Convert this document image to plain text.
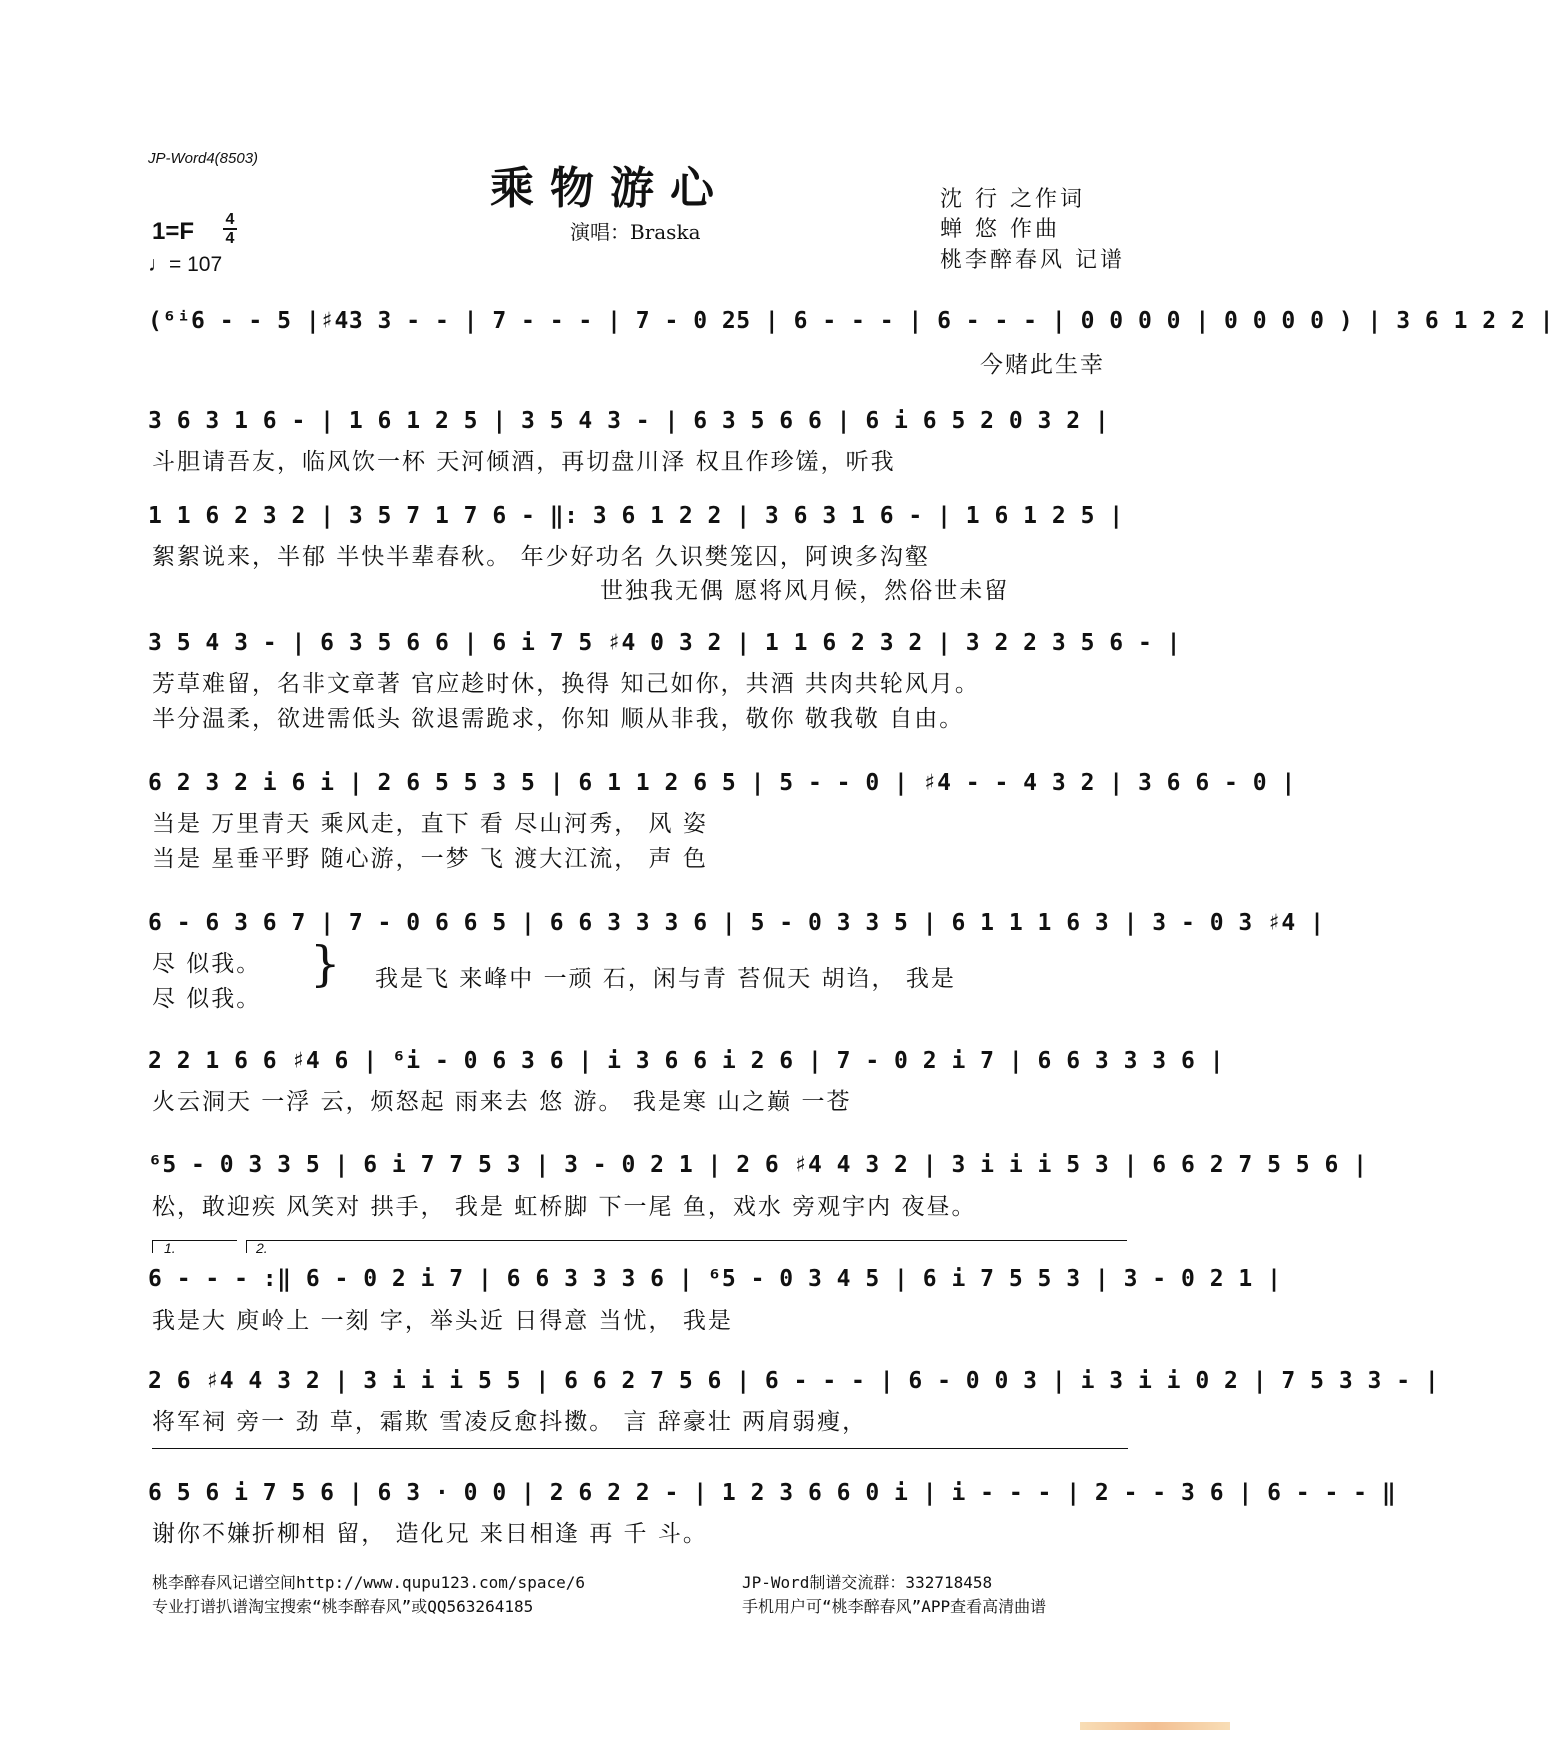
JP-Word4(8503)
乘物游心
演唱：Braska
沈 行 之作词
蝉 悠 作曲
桃李醉春风 记谱
1=F 4
4
♩= 107
(⁶ⁱ6 - - 5 |♯43 3 - - | 7 - - - | 7 - 0 25 | 6 - - - | 6 - - - | 0 0 0 0 | 0 0 0 0 ) | 3 6 1 2 2 |
今赌此生幸
3 6 3 1 6 - | 1 6 1 2 5 | 3 5 4 3 - | 6 3 5 6 6 | 6 i 6 5 2 0 3 2 |
斗胆请吾友，临风饮一杯 天河倾酒，再切盘川泽 权且作珍馐，听我
1 1 6 2 3 2 | 3 5 7 1 7 6 - ‖: 3 6 1 2 2 | 3 6 3 1 6 - | 1 6 1 2 5 |
絮絮说来，半郁 半快半辈春秋。 年少好功名 久识樊笼囚，阿谀多沟壑
世独我无偶 愿将风月候，然俗世未留
3 5 4 3 - | 6 3 5 6 6 | 6 i 7 5 ♯4 0 3 2 | 1 1 6 2 3 2 | 3 2 2 3 5 6 - |
芳草难留，名非文章著 官应趁时休，换得 知己如你，共酒 共肉共轮风月。
半分温柔，欲进需低头 欲退需跪求，你知 顺从非我，敬你 敬我敬 自由。
6 2 3 2 i 6 i | 2 6 5 5 3 5 | 6 1 1 2 6 5 | 5 - - 0 | ♯4 - - 4 3 2 | 3 6 6 - 0 |
当是 万里青天 乘风走，直下 看 尽山河秀， 风 姿
当是 星垂平野 随心游，一梦 飞 渡大江流， 声 色
6 - 6 3 6 7 | 7 - 0 6 6 5 | 6 6 3 3 3 6 | 5 - 0 3 3 5 | 6 1 1 1 6 3 | 3 - 0 3 ♯4 |
尽 似我。
尽 似我。
} 我是飞 来峰中 一顽 石，闲与青 苔侃天 胡诌， 我是
2 2 1 6 6 ♯4 6 | ⁶i - 0 6 3 6 | i 3 6 6 i 2 6 | 7 - 0 2 i 7 | 6 6 3 3 3 6 |
火云洞天 一浮 云，烦怒起 雨来去 悠 游。 我是寒 山之巅 一苍
⁶5 - 0 3 3 5 | 6 i 7 7 5 3 | 3 - 0 2 1 | 2 6 ♯4 4 3 2 | 3 i i i 5 3 | 6 6 2 7 5 5 6 |
松，敢迎疾 风笑对 拱手， 我是 虹桥脚 下一尾 鱼，戏水 旁观宇内 夜昼。
1.	2.
6 - - - :‖ 6 - 0 2 i 7 | 6 6 3 3 3 6 | ⁶5 - 0 3 4 5 | 6 i 7 5 5 3 | 3 - 0 2 1 |
我是大 庾岭上 一刻 字，举头近 日得意 当忧， 我是
2 6 ♯4 4 3 2 | 3 i i i 5 5 | 6 6 2 7 5 6 | 6 - - - | 6 - 0 0 3 | i 3 i i 0 2 | 7 5 3 3 - |
将军祠 旁一 劲 草，霜欺 雪凌反愈抖擞。 言 辞豪壮 两肩弱瘦，
6 5 6 i 7 5 6 | 6 3 · 0 0 | 2 6 2 2 - | 1 2 3 6 6 0 i | i - - - | 2 - - 3 6 | 6 - - - ‖
谢你不嫌折柳相 留， 造化兄 来日相逢 再 千 斗。
桃李醉春风记谱空间http://www.qupu123.com/space/6
专业打谱扒谱淘宝搜索“桃李醉春风”或QQ563264185
JP-Word制谱交流群：332718458
手机用户可“桃李醉春风”APP查看高清曲谱
